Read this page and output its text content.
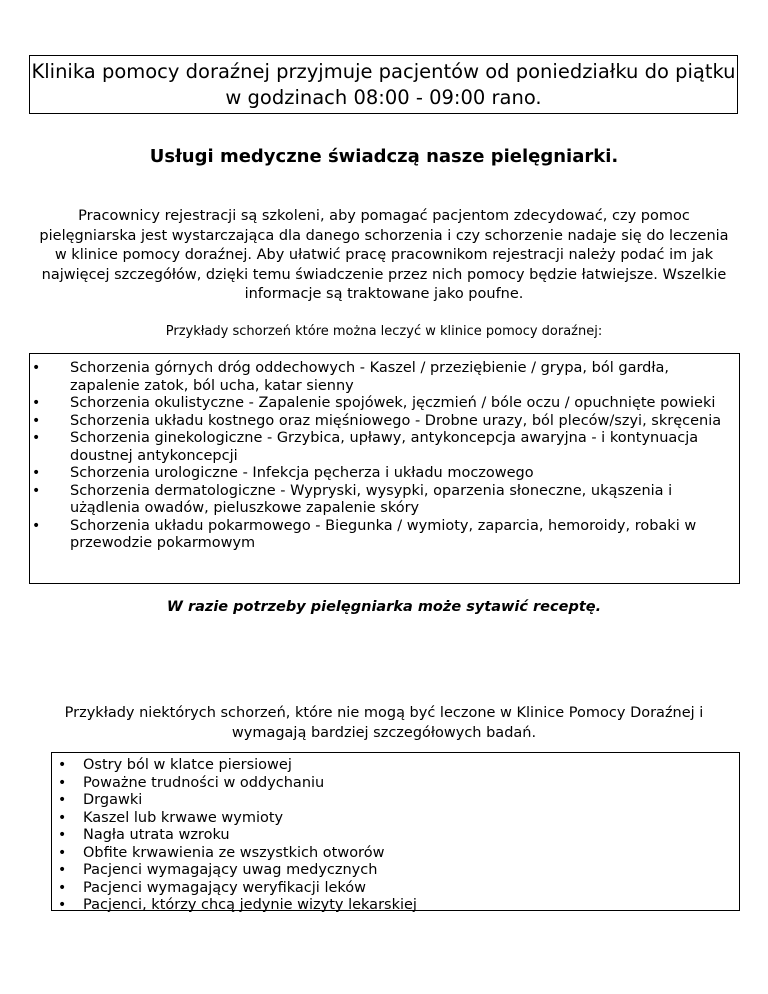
Klinika pomocy doraźnej przyjmuje pacjentów od poniedziałku do piątku w godzinach 08:00 - 09:00 rano.
Usługi medyczne świadczą nasze pielęgniarki.
Pracownicy rejestracji są szkoleni, aby pomagać pacjentom zdecydować, czy pomoc pielęgniarska jest wystarczająca dla danego schorzenia i czy schorzenie nadaje się do leczenia w klinice pomocy doraźnej. Aby ułatwić pracę pracownikom rejestracji należy podać im jak najwięcej szczegółów, dzięki temu świadczenie przez nich pomocy będzie łatwiejsze. Wszelkie informacje są traktowane jako poufne.
Przykłady schorzeń które można leczyć w klinice pomocy doraźnej:
• Schorzenia górnych dróg oddechowych - Kaszel / przeziębienie / grypa, ból gardła, zapalenie zatok, ból ucha, katar sienny
• Schorzenia okulistyczne - Zapalenie spojówek, jęczmień / bóle oczu / opuchnięte powieki
• Schorzenia układu kostnego oraz mięśniowego - Drobne urazy, ból pleców/szyi, skręcenia
• Schorzenia ginekologiczne - Grzybica, upławy, antykoncepcja awaryjna - i kontynuacja doustnej antykoncepcji
• Schorzenia urologiczne - Infekcja pęcherza i układu moczowego
• Schorzenia dermatologiczne - Wypryski, wysypki, oparzenia słoneczne, ukąszenia i użądlenia owadów, pieluszkowe zapalenie skóry
• Schorzenia układu pokarmowego - Biegunka / wymioty, zaparcia, hemoroidy, robaki w przewodzie pokarmowym
W razie potrzeby pielęgniarka może sytawić receptę.
Przykłady niektórych schorzeń, które nie mogą być leczone w Klinice Pomocy Doraźnej i wymagają bardziej szczegółowych badań.
• Ostry ból w klatce piersiowej
• Poważne trudności w oddychaniu
• Drgawki
• Kaszel lub krwawe wymioty
• Nagła utrata wzroku
• Obfite krwawienia ze wszystkich otworów
• Pacjenci wymagający uwag medycznych
• Pacjenci wymagający weryfikacji leków
• Pacjenci, którzy chcą jedynie wizyty lekarskiej
